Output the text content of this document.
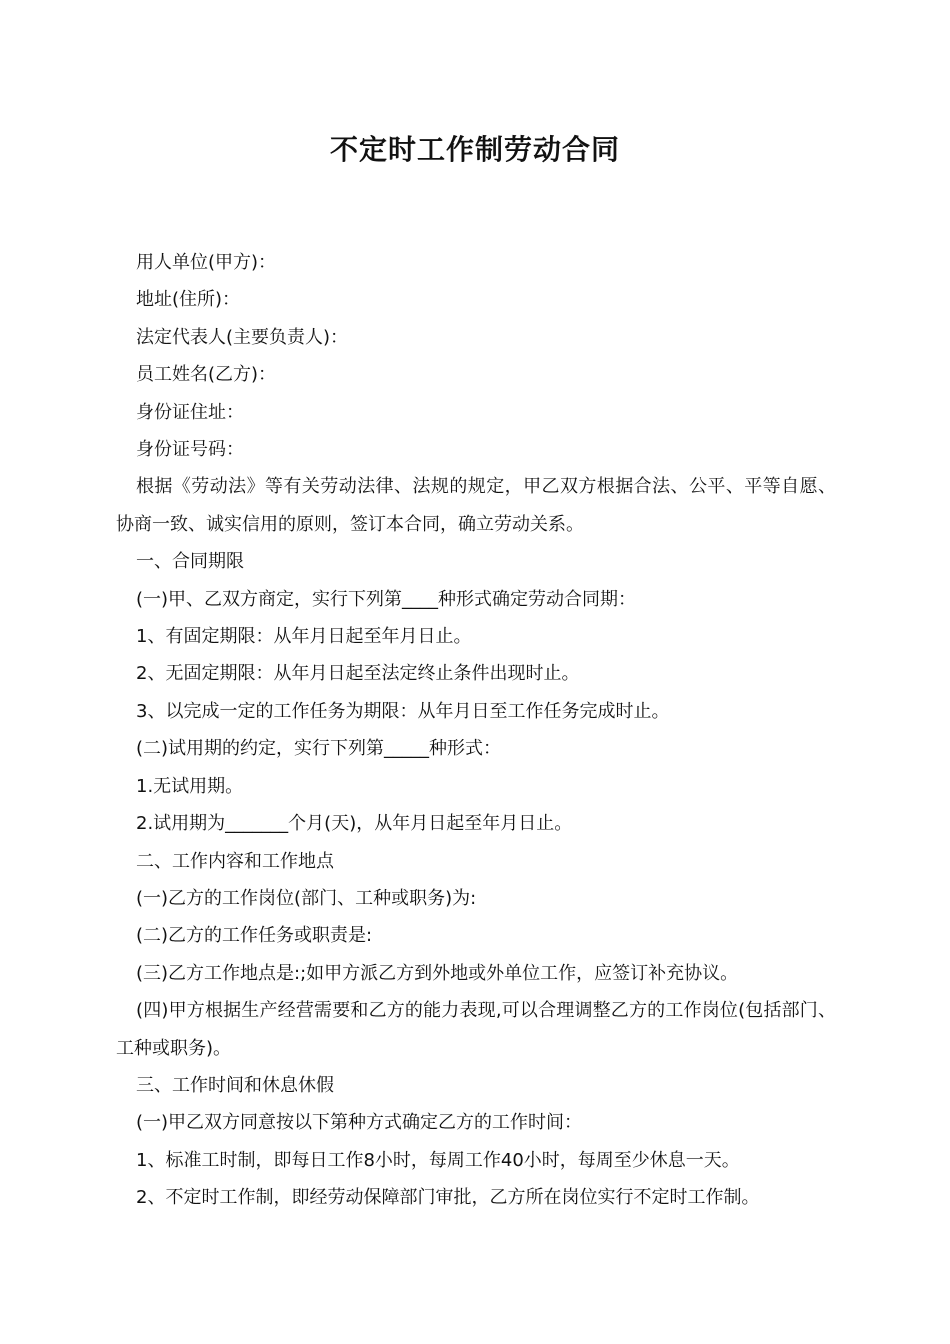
不定时工作制劳动合同

用人单位(甲方)：

地址(住所)：

法定代表人(主要负责人)：

员工姓名(乙方)：

身份证住址：

身份证号码：

根据《劳动法》等有关劳动法律、法规的规定，甲乙双方根据合法、公平、平等自愿、协商一致、诚实信用的原则，签订本合同，确立劳动关系。

一、合同期限

(一)甲、乙双方商定，实行下列第____种形式确定劳动合同期：

1、有固定期限：从年月日起至年月日止。

2、无固定期限：从年月日起至法定终止条件出现时止。

3、以完成一定的工作任务为期限：从年月日至工作任务完成时止。

(二)试用期的约定，实行下列第_____种形式：

1.无试用期。

2.试用期为_______个月(天)，从年月日起至年月日止。

二、工作内容和工作地点

(一)乙方的工作岗位(部门、工种或职务)为:

(二)乙方的工作任务或职责是:

(三)乙方工作地点是:;如甲方派乙方到外地或外单位工作，应签订补充协议。

(四)甲方根据生产经营需要和乙方的能力表现,可以合理调整乙方的工作岗位(包括部门、工种或职务)。

三、工作时间和休息休假

(一)甲乙双方同意按以下第种方式确定乙方的工作时间：

1、标准工时制，即每日工作8小时，每周工作40小时，每周至少休息一天。

2、不定时工作制，即经劳动保障部门审批，乙方所在岗位实行不定时工作制。
